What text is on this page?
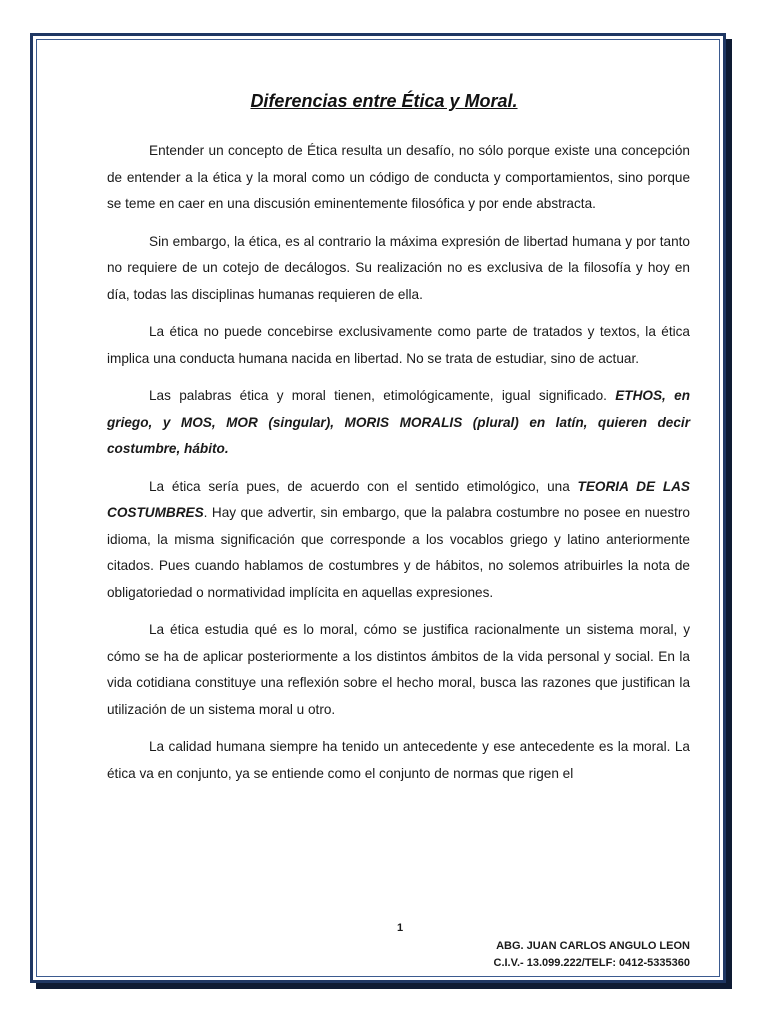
Diferencias entre Ética y Moral.

Entender un concepto de Ética resulta un desafío, no sólo porque existe una concepción de entender a la ética y la moral como un código de conducta y comportamientos, sino porque se teme en caer en una discusión eminentemente filosófica y por ende abstracta.

Sin embargo, la ética, es al contrario la máxima expresión de libertad humana y por tanto no requiere de un cotejo de decálogos. Su realización no es exclusiva de la filosofía y hoy en día, todas las disciplinas humanas requieren de ella.

La ética no puede concebirse exclusivamente como parte de tratados y textos, la ética implica una conducta humana nacida en libertad. No se trata de estudiar, sino de actuar.

Las palabras ética y moral tienen, etimológicamente, igual significado. ETHOS, en griego, y MOS, MOR (singular), MORIS MORALIS (plural) en latín, quieren decir costumbre, hábito.

La ética sería pues, de acuerdo con el sentido etimológico, una TEORIA DE LAS COSTUMBRES. Hay que advertir, sin embargo, que la palabra costumbre no posee en nuestro idioma, la misma significación que corresponde a los vocablos griego y latino anteriormente citados. Pues cuando hablamos de costumbres y de hábitos, no solemos atribuirles la nota de obligatoriedad o normatividad implícita en aquellas expresiones.

La ética estudia qué es lo moral, cómo se justifica racionalmente un sistema moral, y cómo se ha de aplicar posteriormente a los distintos ámbitos de la vida personal y social. En la vida cotidiana constituye una reflexión sobre el hecho moral, busca las razones que justifican la utilización de un sistema moral u otro.

La calidad humana siempre ha tenido un antecedente y ese antecedente es la moral. La ética va en conjunto, ya se entiende como el conjunto de normas que rigen el

1
ABG. JUAN CARLOS ANGULO LEON
C.I.V.- 13.099.222/TELF: 0412-5335360
